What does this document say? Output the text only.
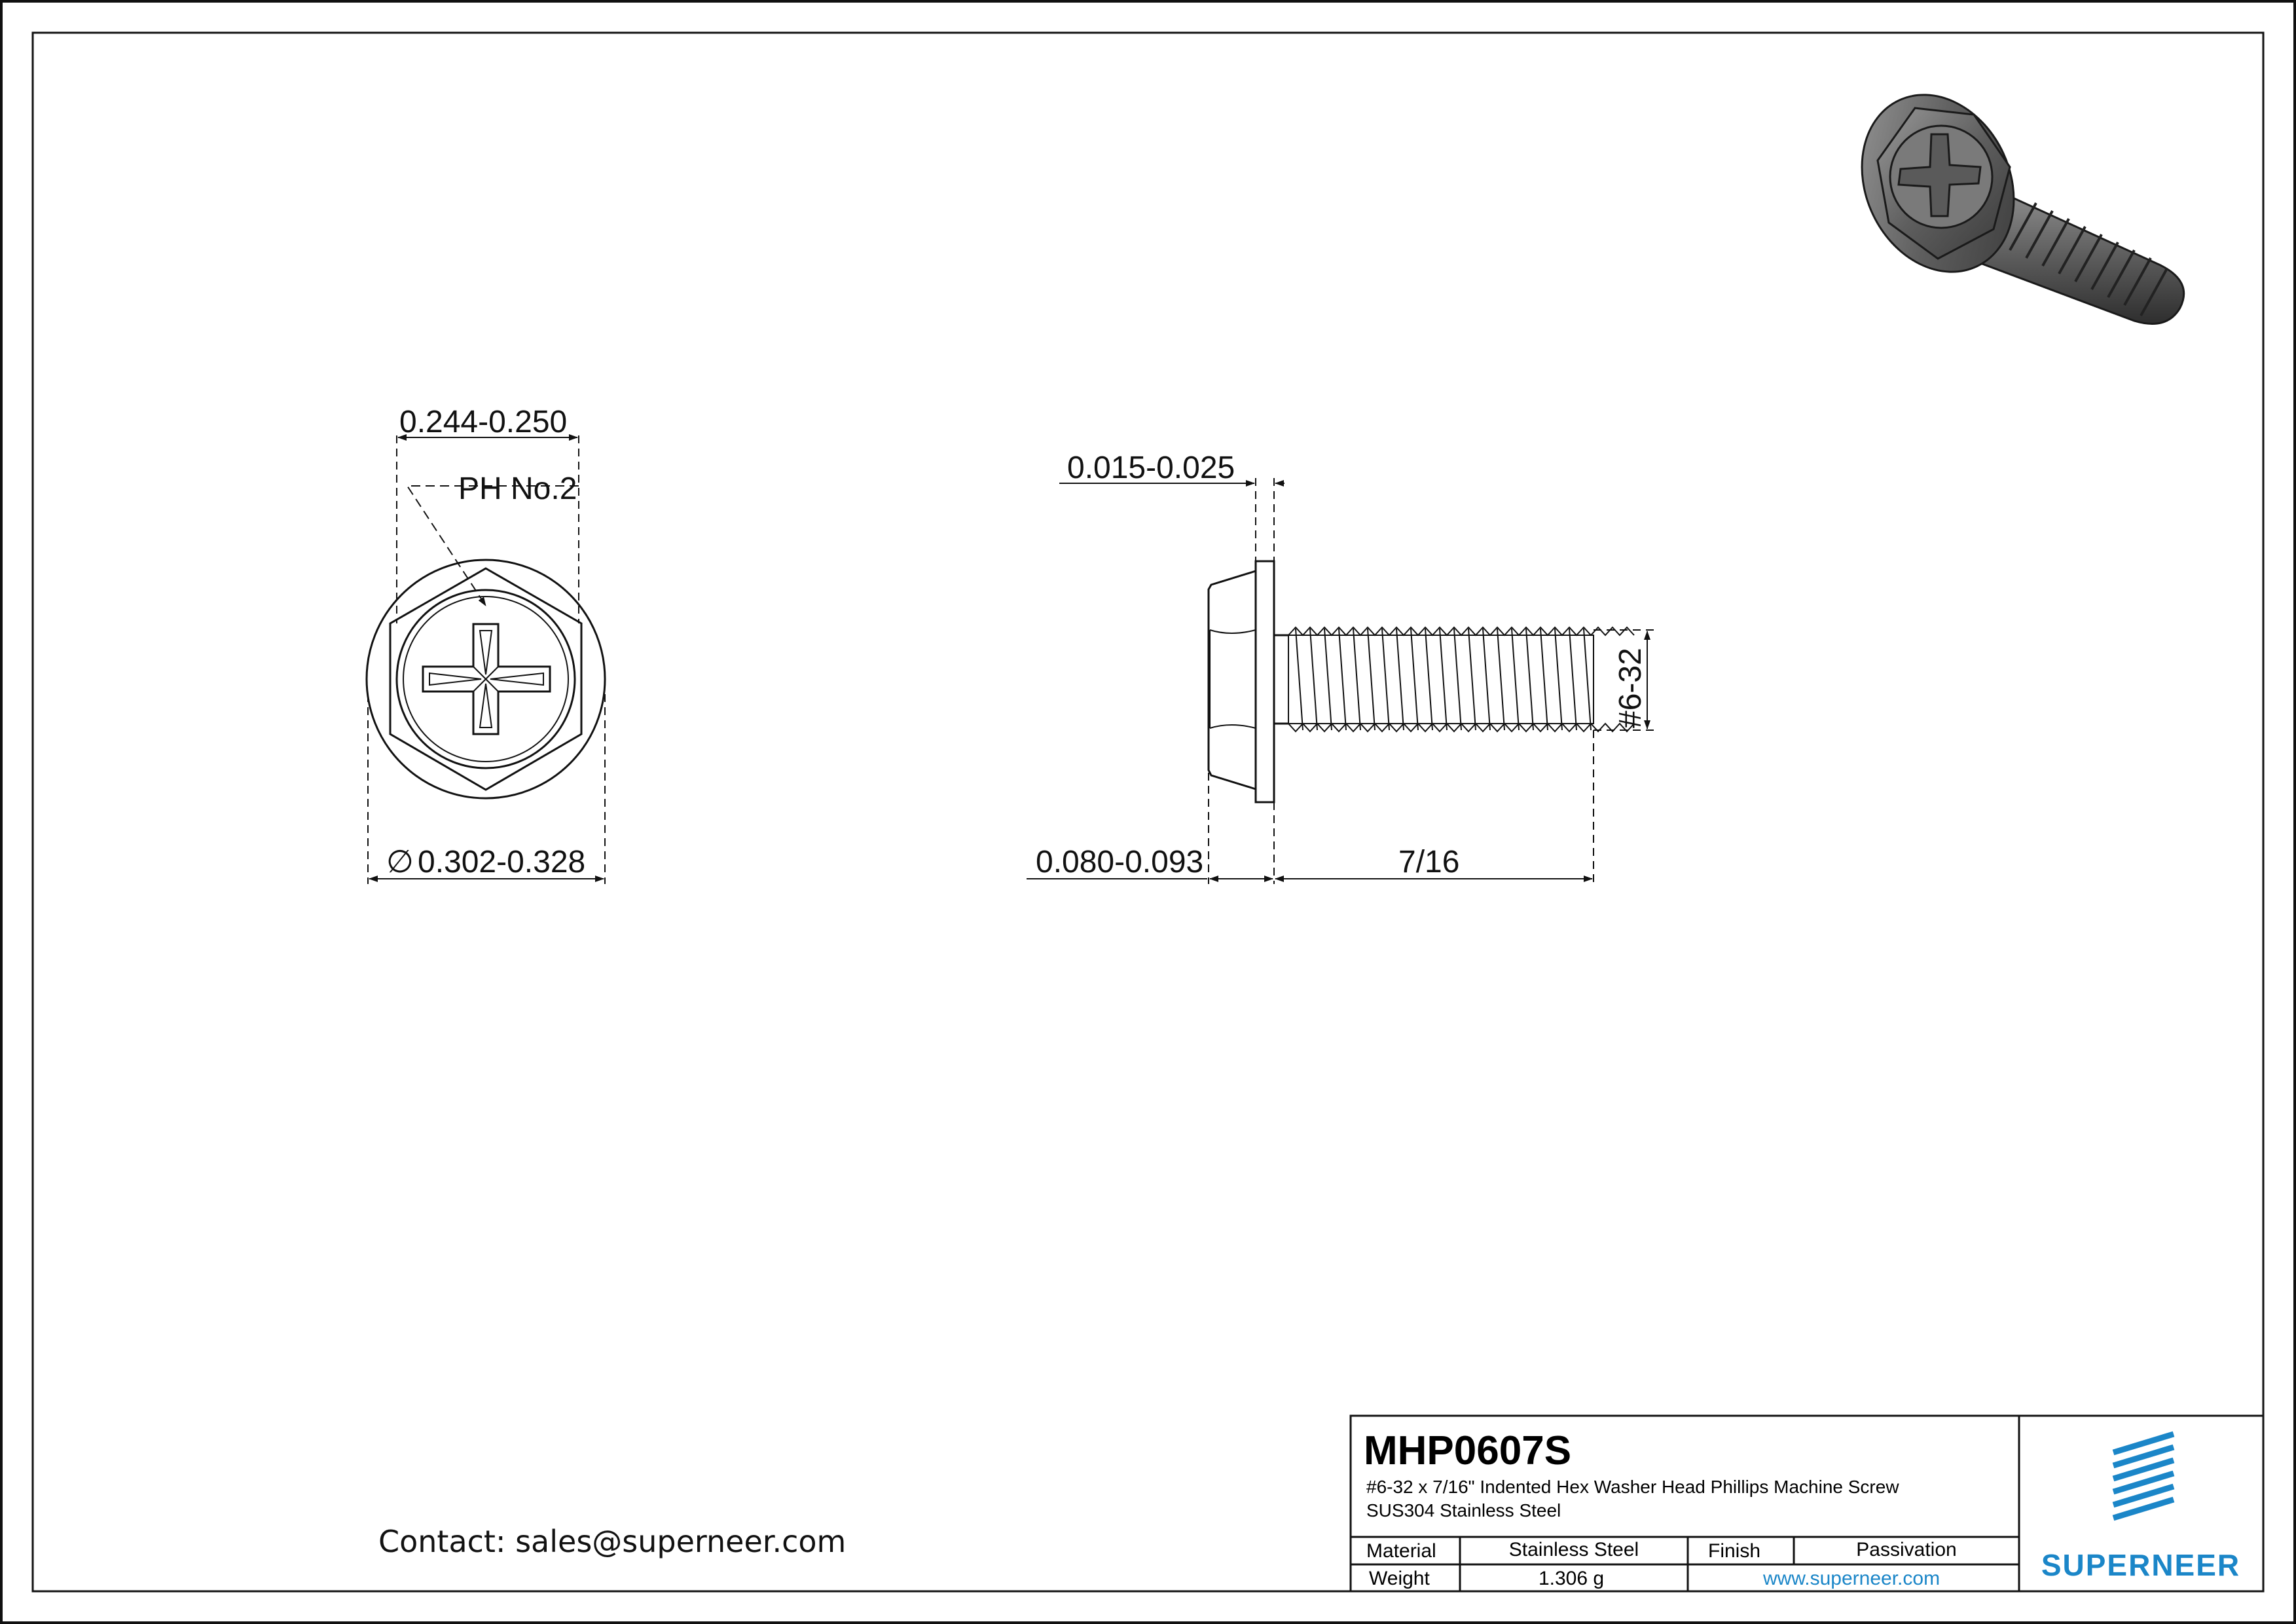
0.244-0.250
PH No.2
∅ 0.302-0.328
0.015-0.025
0.080-0.093	7/16
#6-32
MHP0607S
#6-32 x 7/16" Indented Hex Washer Head Phillips Machine Screw
SUS304 Stainless Steel
Material	Stainless Steel	Finish	Passivation
Weight	1.306 g	www.superneer.com	SUPERNEER
Contact: sales@superneer.com
